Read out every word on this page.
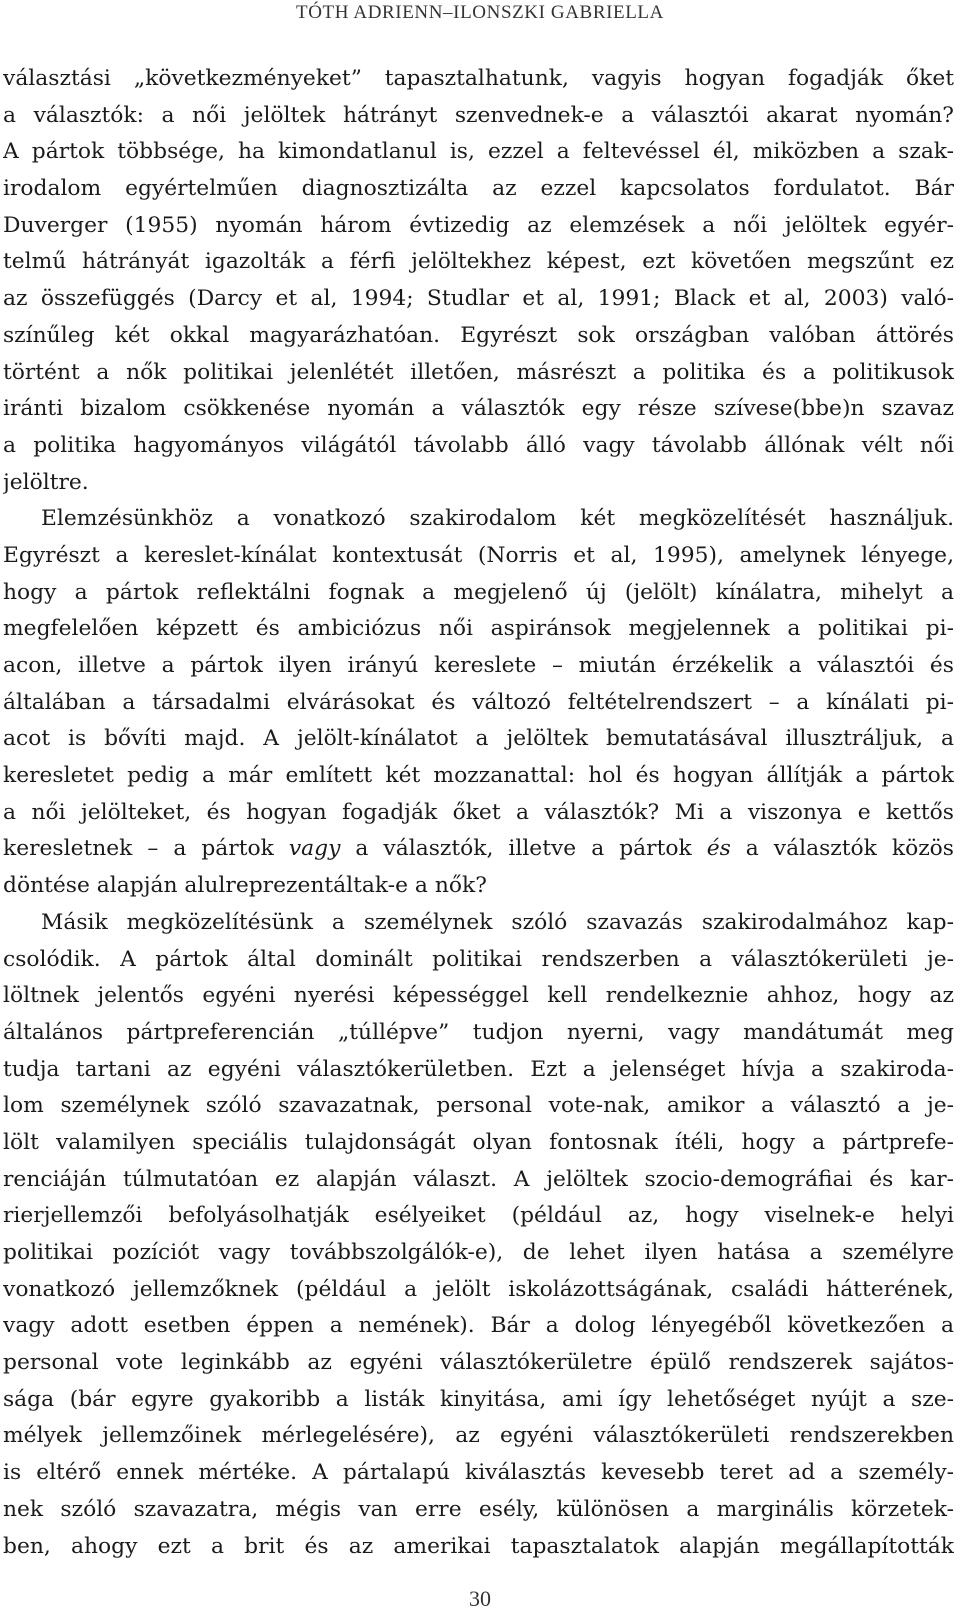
TÓTH ADRIENN–ILONSZKI GABRIELLA
választási „következményeket” tapasztalhatunk, vagyis hogyan fogadják őket
a választók: a női jelöltek hátrányt szenvednek-e a választói akarat nyomán?
A pártok többsége, ha kimondatlanul is, ezzel a feltevéssel él, miközben a szak-
irodalom egyértelműen diagnosztizálta az ezzel kapcsolatos fordulatot. Bár
Duverger (1955) nyomán három évtizedig az elemzések a női jelöltek egyér-
telmű hátrányát igazolták a férfi jelöltekhez képest, ezt követően megszűnt ez
az összefüggés (Darcy et al, 1994; Studlar et al, 1991; Black et al, 2003) való-
színűleg két okkal magyarázhatóan. Egyrészt sok országban valóban áttörés
történt a nők politikai jelenlétét illetően, másrészt a politika és a politikusok
iránti bizalom csökkenése nyomán a választók egy része szívese(bbe)n szavaz
a politika hagyományos világától távolabb álló vagy távolabb állónak vélt női
jelöltre.
Elemzésünkhöz a vonatkozó szakirodalom két megközelítését használjuk.
Egyrészt a kereslet-kínálat kontextusát (Norris et al, 1995), amelynek lényege,
hogy a pártok reflektálni fognak a megjelenő új (jelölt) kínálatra, mihelyt a
megfelelően képzett és ambiciózus női aspiránsok megjelennek a politikai pi-
acon, illetve a pártok ilyen irányú kereslete – miután érzékelik a választói és
általában a társadalmi elvárásokat és változó feltételrendszert – a kínálati pi-
acot is bővíti majd. A jelölt-kínálatot a jelöltek bemutatásával illusztráljuk, a
keresletet pedig a már említett két mozzanattal: hol és hogyan állítják a pártok
a női jelölteket, és hogyan fogadják őket a választók? Mi a viszonya e kettős
keresletnek – a pártok vagy a választók, illetve a pártok és a választók közös
döntése alapján alulreprezentáltak-e a nők?
Másik megközelítésünk a személynek szóló szavazás szakirodalmához kap-
csolódik. A pártok által dominált politikai rendszerben a választókerületi je-
löltnek jelentős egyéni nyerési képességgel kell rendelkeznie ahhoz, hogy az
általános pártpreferencián „túllépve” tudjon nyerni, vagy mandátumát meg
tudja tartani az egyéni választókerületben. Ezt a jelenséget hívja a szakiroda-
lom személynek szóló szavazatnak, personal vote-nak, amikor a választó a je-
lölt valamilyen speciális tulajdonságát olyan fontosnak ítéli, hogy a pártprefe-
renciáján túlmutatóan ez alapján választ. A jelöltek szocio-demográfiai és kar-
rierjellemzői befolyásolhatják esélyeiket (például az, hogy viselnek-e helyi
politikai pozíciót vagy továbbszolgálók-e), de lehet ilyen hatása a személyre
vonatkozó jellemzőknek (például a jelölt iskolázottságának, családi hátterének,
vagy adott esetben éppen a nemének). Bár a dolog lényegéből következően a
personal vote leginkább az egyéni választókerületre épülő rendszerek sajátos-
sága (bár egyre gyakoribb a listák kinyitása, ami így lehetőséget nyújt a sze-
mélyek jellemzőinek mérlegelésére), az egyéni választókerületi rendszerekben
is eltérő ennek mértéke. A pártalapú kiválasztás kevesebb teret ad a személy-
nek szóló szavazatra, mégis van erre esély, különösen a marginális körzetek-
ben, ahogy ezt a brit és az amerikai tapasztalatok alapján megállapították
30
